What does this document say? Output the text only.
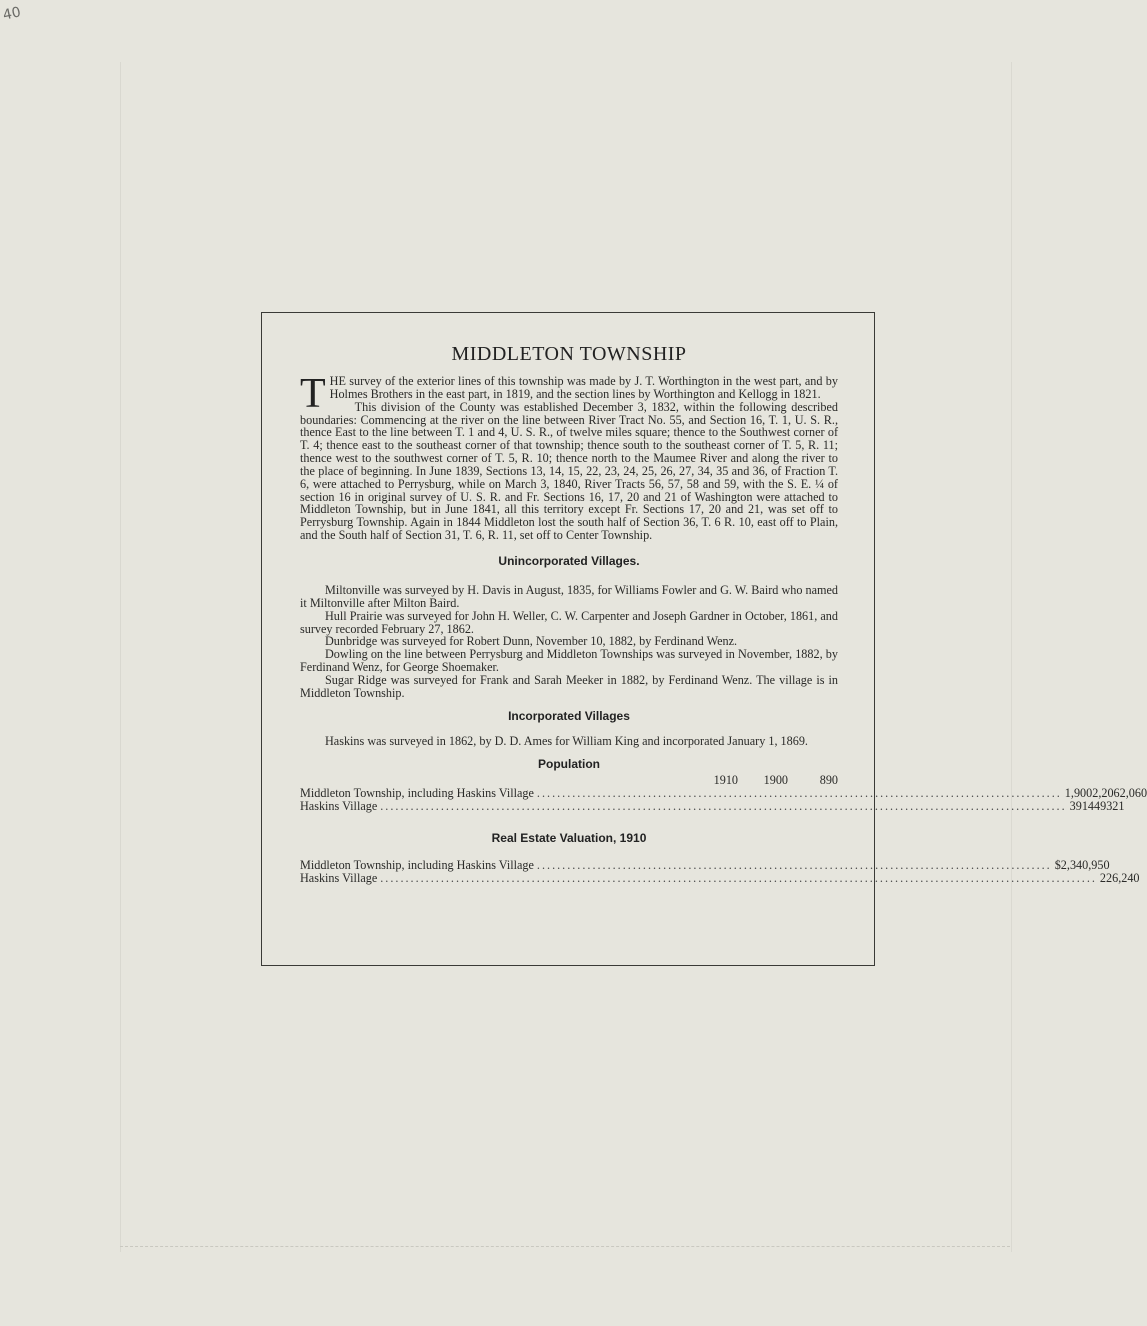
40
MIDDLETON TOWNSHIP

THE survey of the exterior lines of this township was made by J. T. Worthington in the west part, and by Holmes Brothers in the east part, in 1819, and the section lines by Worthington and Kellogg in 1821.

This division of the County was established December 3, 1832, within the following described boundaries: Commencing at the river on the line between River Tract No. 55, and Section 16, T. 1, U. S. R., thence East to the line between T. 1 and 4, U. S. R., of twelve miles square; thence to the Southwest corner of T. 4; thence east to the southeast corner of that township; thence south to the southeast corner of T. 5, R. 11; thence west to the southwest corner of T. 5, R. 10; thence north to the Maumee River and along the river to the place of beginning. In June 1839, Sections 13, 14, 15, 22, 23, 24, 25, 26, 27, 34, 35 and 36, of Fraction T. 6, were attached to Perrysburg, while on March 3, 1840, River Tracts 56, 57, 58 and 59, with the S. E. ¼ of section 16 in original survey of U. S. R. and Fr. Sections 16, 17, 20 and 21 of Washington were attached to Middleton Township, but in June 1841, all this territory except Fr. Sections 17, 20 and 21, was set off to Perrysburg Township. Again in 1844 Middleton lost the south half of Section 36, T. 6 R. 10, east off to Plain, and the South half of Section 31, T. 6, R. 11, set off to Center Township.

Unincorporated Villages.

Miltonville was surveyed by H. Davis in August, 1835, for Williams Fowler and G. W. Baird who named it Miltonville after Milton Baird.

Hull Prairie was surveyed for John H. Weller, C. W. Carpenter and Joseph Gardner in October, 1861, and survey recorded February 27, 1862.

Dunbridge was surveyed for Robert Dunn, November 10, 1882, by Ferdinand Wenz.

Dowling on the line between Perrysburg and Middleton Townships was surveyed in November, 1882, by Ferdinand Wenz, for George Shoemaker.

Sugar Ridge was surveyed for Frank and Sarah Meeker in 1882, by Ferdinand Wenz. The village is in Middleton Township.

Incorporated Villages

Haskins was surveyed in 1862, by D. D. Ames for William King and incorporated January 1, 1869.

Population
1910	1900	890
Middleton Township, including Haskins Village ........................................................................................................ 1,900 2,206 2,060
Haskins Village ........................................................................................................................................ 391 449 321
Real Estate Valuation, 1910
Middleton Township, including Haskins Village ...................................................................................................... $ 2,340,950
Haskins Village .............................................................................................................................................. 226,240
